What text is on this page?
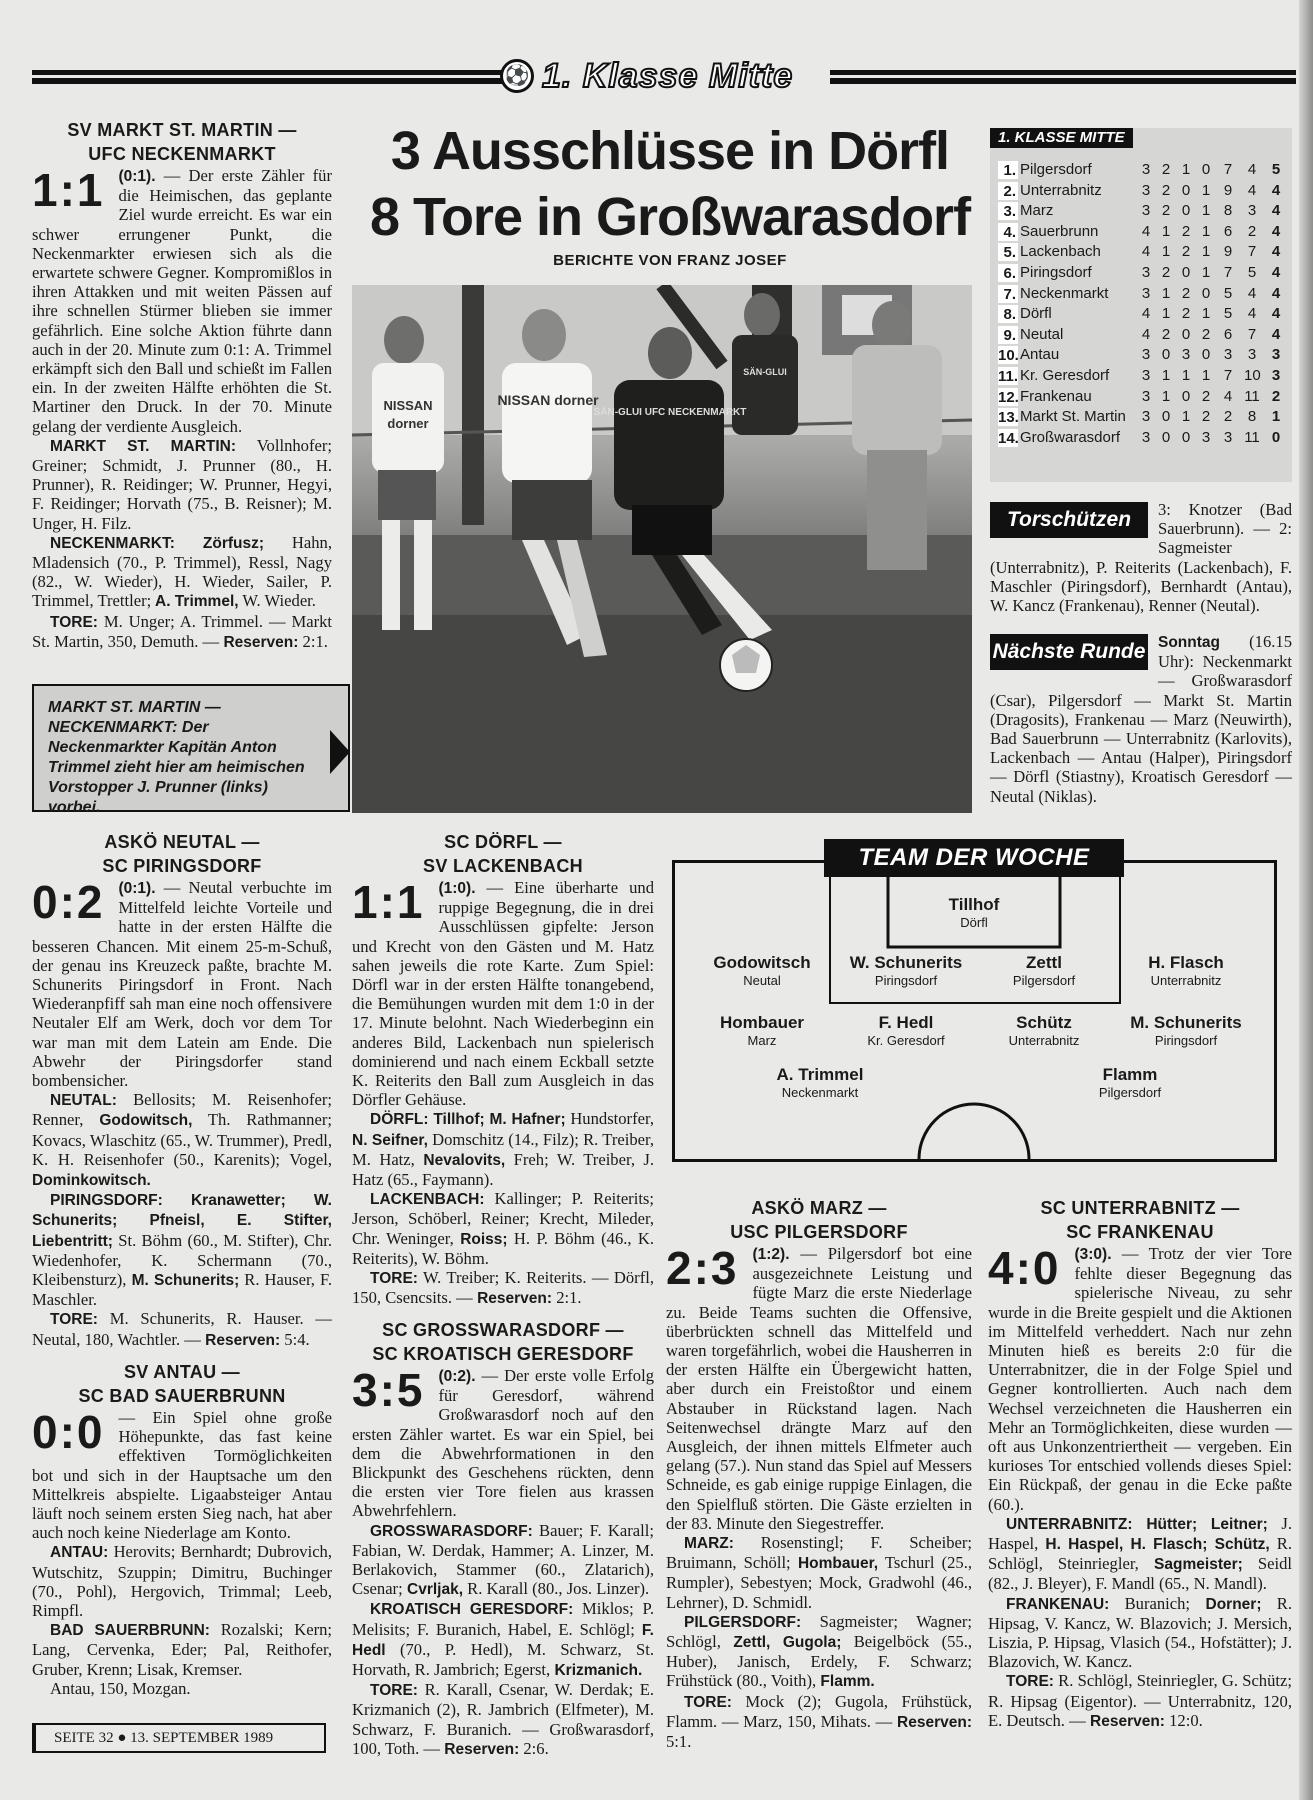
⚽ 1. Klasse Mitte
SV MARKT ST. MARTIN —
UFC NECKENMARKT
1:1 (0:1). — Der erste Zähler für die Heimischen, das geplante Ziel wurde erreicht. Es war ein schwer errungener Punkt, die Neckenmarkter erwiesen sich als die erwartete schwere Gegner. Kompromißlos in ihren Attakken und mit weiten Pässen auf ihre schnellen Stürmer blieben sie immer gefährlich. Eine solche Aktion führte dann auch in der 20. Minute zum 0:1: A. Trimmel erkämpft sich den Ball und schießt im Fallen ein. In der zweiten Hälfte erhöhten die St. Martiner den Druck. In der 70. Minute gelang der verdiente Ausgleich.

MARKT ST. MARTIN: Vollnhofer; Greiner; Schmidt, J. Prunner (80., H. Prunner), R. Reidinger; W. Prunner, Hegyi, F. Reidinger; Horvath (75., B. Reisner); M. Unger, H. Filz.

NECKENMARKT: Zörfusz; Hahn, Mladensich (70., P. Trimmel), Ressl, Nagy (82., W. Wieder), H. Wieder, Sailer, P. Trimmel, Trettler; A. Trimmel, W. Wieder.

TORE: M. Unger; A. Trimmel. — Markt St. Martin, 350, Demuth. — Reserven: 2:1.

3 Ausschlüsse in Dörfl
8 Tore in Großwarasdorf
BERICHTE VON FRANZ JOSEF
NISSAN
dorner
NISSAN dorner
SÄN-GLUI UFC NECKENMARKT
SÄN-GLUI
MARKT ST. MARTIN — NECKENMARKT: Der Neckenmarkter Kapitän Anton Trimmel zieht hier am heimischen Vorstopper J. Prunner (links) vorbei.
1. Pilgersdorf	3 2 1 0 7 4 5
2. Unterrabnitz	3 2 0 1 9 4 4
3. Marz	3 2 0 1 8 3 4
4. Sauerbrunn	4 1 2 1 6 2 4
5. Lackenbach	4 1 2 1 9 7 4
6. Piringsdorf	3 2 0 1 7 5 4
7. Neckenmarkt 3 1 2 0 5 4 4
8. Dörfl	4 1 2 1 5 4 4
9. Neutal	4 2 0 2 6 7 4
10. Antau	3 0 3 0 3 3 3
11. Kr. Geresdorf 3 1 1 1 7 10 3
12. Frankenau	3 1 0 2 4 11 2
13. Markt St. Martin 3 0 1 2 2 8 1
14. Großwarasdorf 3 0 0 3 3 11 0
1. KLASSE MITTE
Torschützen	3: Knotzer (Bad Sauerbrunn). — 2: Sagmeister (Unterrabnitz), P. Reiterits (Lackenbach), F. Maschler (Piringsdorf), Bernhardt (Antau), W. Kancz (Frankenau), Renner (Neutal).

Nächste Runde Sonntag (16.15 Uhr): Neckenmarkt — Großwarasdorf (Csar), Pilgersdorf — Markt St. Martin (Dragosits), Frankenau — Marz (Neuwirth), Bad Sauerbrunn — Unterrabnitz (Karlovits), Lackenbach — Antau (Halper), Piringsdorf — Dörfl (Stiastny), Kroatisch Geresdorf — Neutal (Niklas).

ASKÖ NEUTAL —
SC PIRINGSDORF
0:2 (0:1). — Neutal verbuchte im Mittelfeld leichte Vorteile und hatte in der ersten Hälfte die besseren Chancen. Mit einem 25-m-Schuß, der genau ins Kreuzeck paßte, brachte M. Schunerits Piringsdorf in Front. Nach Wiederanpfiff sah man eine noch offensivere Neutaler Elf am Werk, doch vor dem Tor war man mit dem Latein am Ende. Die Abwehr der Piringsdorfer stand bombensicher.

NEUTAL: Bellosits; M. Reisenhofer; Renner, Godowitsch, Th. Rathmanner; Kovacs, Wlaschitz (65., W. Trummer), Predl, K. H. Reisenhofer (50., Karenits); Vogel, Dominkowitsch.

PIRINGSDORF: Kranawetter; W. Schunerits; Pfneisl, E. Stifter, Liebentritt; St. Böhm (60., M. Stifter), Chr. Wiedenhofer, K. Schermann (70., Kleibensturz), M. Schunerits; R. Hauser, F. Maschler.

TORE: M. Schunerits, R. Hauser. — Neutal, 180, Wachtler. — Reserven: 5:4.

SV ANTAU —
SC BAD SAUERBRUNN
0:0 — Ein Spiel ohne große Höhepunkte, das fast keine effektiven Tormöglichkeiten bot und sich in der Hauptsache um den Mittelkreis abspielte. Ligaabsteiger Antau läuft noch seinem ersten Sieg nach, hat aber auch noch keine Niederlage am Konto.

ANTAU: Herovits; Bernhardt; Dubrovich, Wutschitz, Szuppin; Dimitru, Buchinger (70., Pohl), Hergovich, Trimmal; Leeb, Rimpfl.

BAD SAUERBRUNN: Rozalski; Kern; Lang, Cervenka, Eder; Pal, Reithofer, Gruber, Krenn; Lisak, Kremser.

Antau, 150, Mozgan.

SC DÖRFL —
SV LACKENBACH
1:1 (1:0). — Eine überharte und ruppige Begegnung, die in drei Ausschlüssen gipfelte: Jerson und Krecht von den Gästen und M. Hatz sahen jeweils die rote Karte. Zum Spiel: Dörfl war in der ersten Hälfte tonangebend, die Bemühungen wurden mit dem 1:0 in der 17. Minute belohnt. Nach Wiederbeginn ein anderes Bild, Lackenbach nun spielerisch dominierend und nach einem Eckball setzte K. Reiterits den Ball zum Ausgleich in das Dörfler Gehäuse.

DÖRFL: Tillhof; M. Hafner; Hundstorfer, N. Seifner, Domschitz (14., Filz); R. Treiber, M. Hatz, Nevalovits, Freh; W. Treiber, J. Hatz (65., Faymann).

LACKENBACH: Kallinger; P. Reiterits; Jerson, Schöberl, Reiner; Krecht, Mileder, Chr. Weninger, Roiss; H. P. Böhm (46., K. Reiterits), W. Böhm.

TORE: W. Treiber; K. Reiterits. — Dörfl, 150, Csencsits. — Reserven: 2:1.

SC GROSSWARASDORF —
SC KROATISCH GERESDORF
3:5 (0:2). — Der erste volle Erfolg für Geresdorf, während Großwarasdorf noch auf den ersten Zähler wartet. Es war ein Spiel, bei dem die Abwehrformationen in den Blickpunkt des Geschehens rückten, denn die ersten vier Tore fielen aus krassen Abwehrfehlern.

GROSSWARASDORF: Bauer; F. Karall; Fabian, W. Derdak, Hammer; A. Linzer, M. Berlakovich, Stammer (60., Zlatarich), Csenar; Cvrljak, R. Karall (80., Jos. Linzer).

KROATISCH GERESDORF: Miklos; P. Melisits; F. Buranich, Habel, E. Schlögl; F. Hedl (70., P. Hedl), M. Schwarz, St. Horvath, R. Jambrich; Egerst, Krizmanich.

TORE: R. Karall, Csenar, W. Derdak; E. Krizmanich (2), R. Jambrich (Elfmeter), M. Schwarz, F. Buranich. — Großwarasdorf, 100, Toth. — Reserven: 2:6.

Tillhof
Dörfl
Godowitsch
Neutal
W. Schunerits
Piringsdorf
Zettl
Pilgersdorf
H. Flasch
Unterrabnitz
Hombauer
Marz
F. Hedl
Kr. Geresdorf
Schütz
Unterrabnitz
M. Schunerits
Piringsdorf
A. Trimmel
Neckenmarkt
Flamm
Pilgersdorf
TEAM DER WOCHE
ASKÖ MARZ —
USC PILGERSDORF
2:3 (1:2). — Pilgersdorf bot eine ausgezeichnete Leistung und fügte Marz die erste Niederlage zu. Beide Teams suchten die Offensive, überbrückten schnell das Mittelfeld und waren torgefährlich, wobei die Hausherren in der ersten Hälfte ein Übergewicht hatten, aber durch ein Freistoßtor und einem Abstauber in Rückstand lagen. Nach Seitenwechsel drängte Marz auf den Ausgleich, der ihnen mittels Elfmeter auch gelang (57.). Nun stand das Spiel auf Messers Schneide, es gab einige ruppige Einlagen, die den Spielfluß störten. Die Gäste erzielten in der 83. Minute den Siegestreffer.

MARZ: Rosenstingl; F. Scheiber; Bruimann, Schöll; Hombauer, Tschurl (25., Rumpler), Sebestyen; Mock, Gradwohl (46., Lehrner), D. Schmidl.

PILGERSDORF: Sagmeister; Wagner; Schlögl, Zettl, Gugola; Beigelböck (55., Huber), Janisch, Erdely, F. Schwarz; Frühstück (80., Voith), Flamm.

TORE: Mock (2); Gugola, Frühstück, Flamm. — Marz, 150, Mihats. — Reserven: 5:1.

SC UNTERRABNITZ —
SC FRANKENAU
4:0 (3:0). — Trotz der vier Tore fehlte dieser Begegnung das spielerische Niveau, zu sehr wurde in die Breite gespielt und die Aktionen im Mittelfeld verheddert. Nach nur zehn Minuten hieß es bereits 2:0 für die Unterrabnitzer, die in der Folge Spiel und Gegner kontrollierten. Auch nach dem Wechsel verzeichneten die Hausherren ein Mehr an Tormöglichkeiten, diese wurden — oft aus Unkonzentriertheit — vergeben. Ein kurioses Tor entschied vollends dieses Spiel: Ein Rückpaß, der genau in die Ecke paßte (60.).

UNTERRABNITZ: Hütter; Leitner; J. Haspel, H. Haspel, H. Flasch; Schütz, R. Schlögl, Steinriegler, Sagmeister; Seidl (82., J. Bleyer), F. Mandl (65., N. Mandl).

FRANKENAU: Buranich; Dorner; R. Hipsag, V. Kancz, W. Blazovich; J. Mersich, Liszia, P. Hipsag, Vlasich (54., Hofstätter); J. Blazovich, W. Kancz.

TORE: R. Schlögl, Steinriegler, G. Schütz; R. Hipsag (Eigentor). — Unterrabnitz, 120, E. Deutsch. — Reserven: 12:0.

SEITE 32 ● 13. SEPTEMBER 1989
